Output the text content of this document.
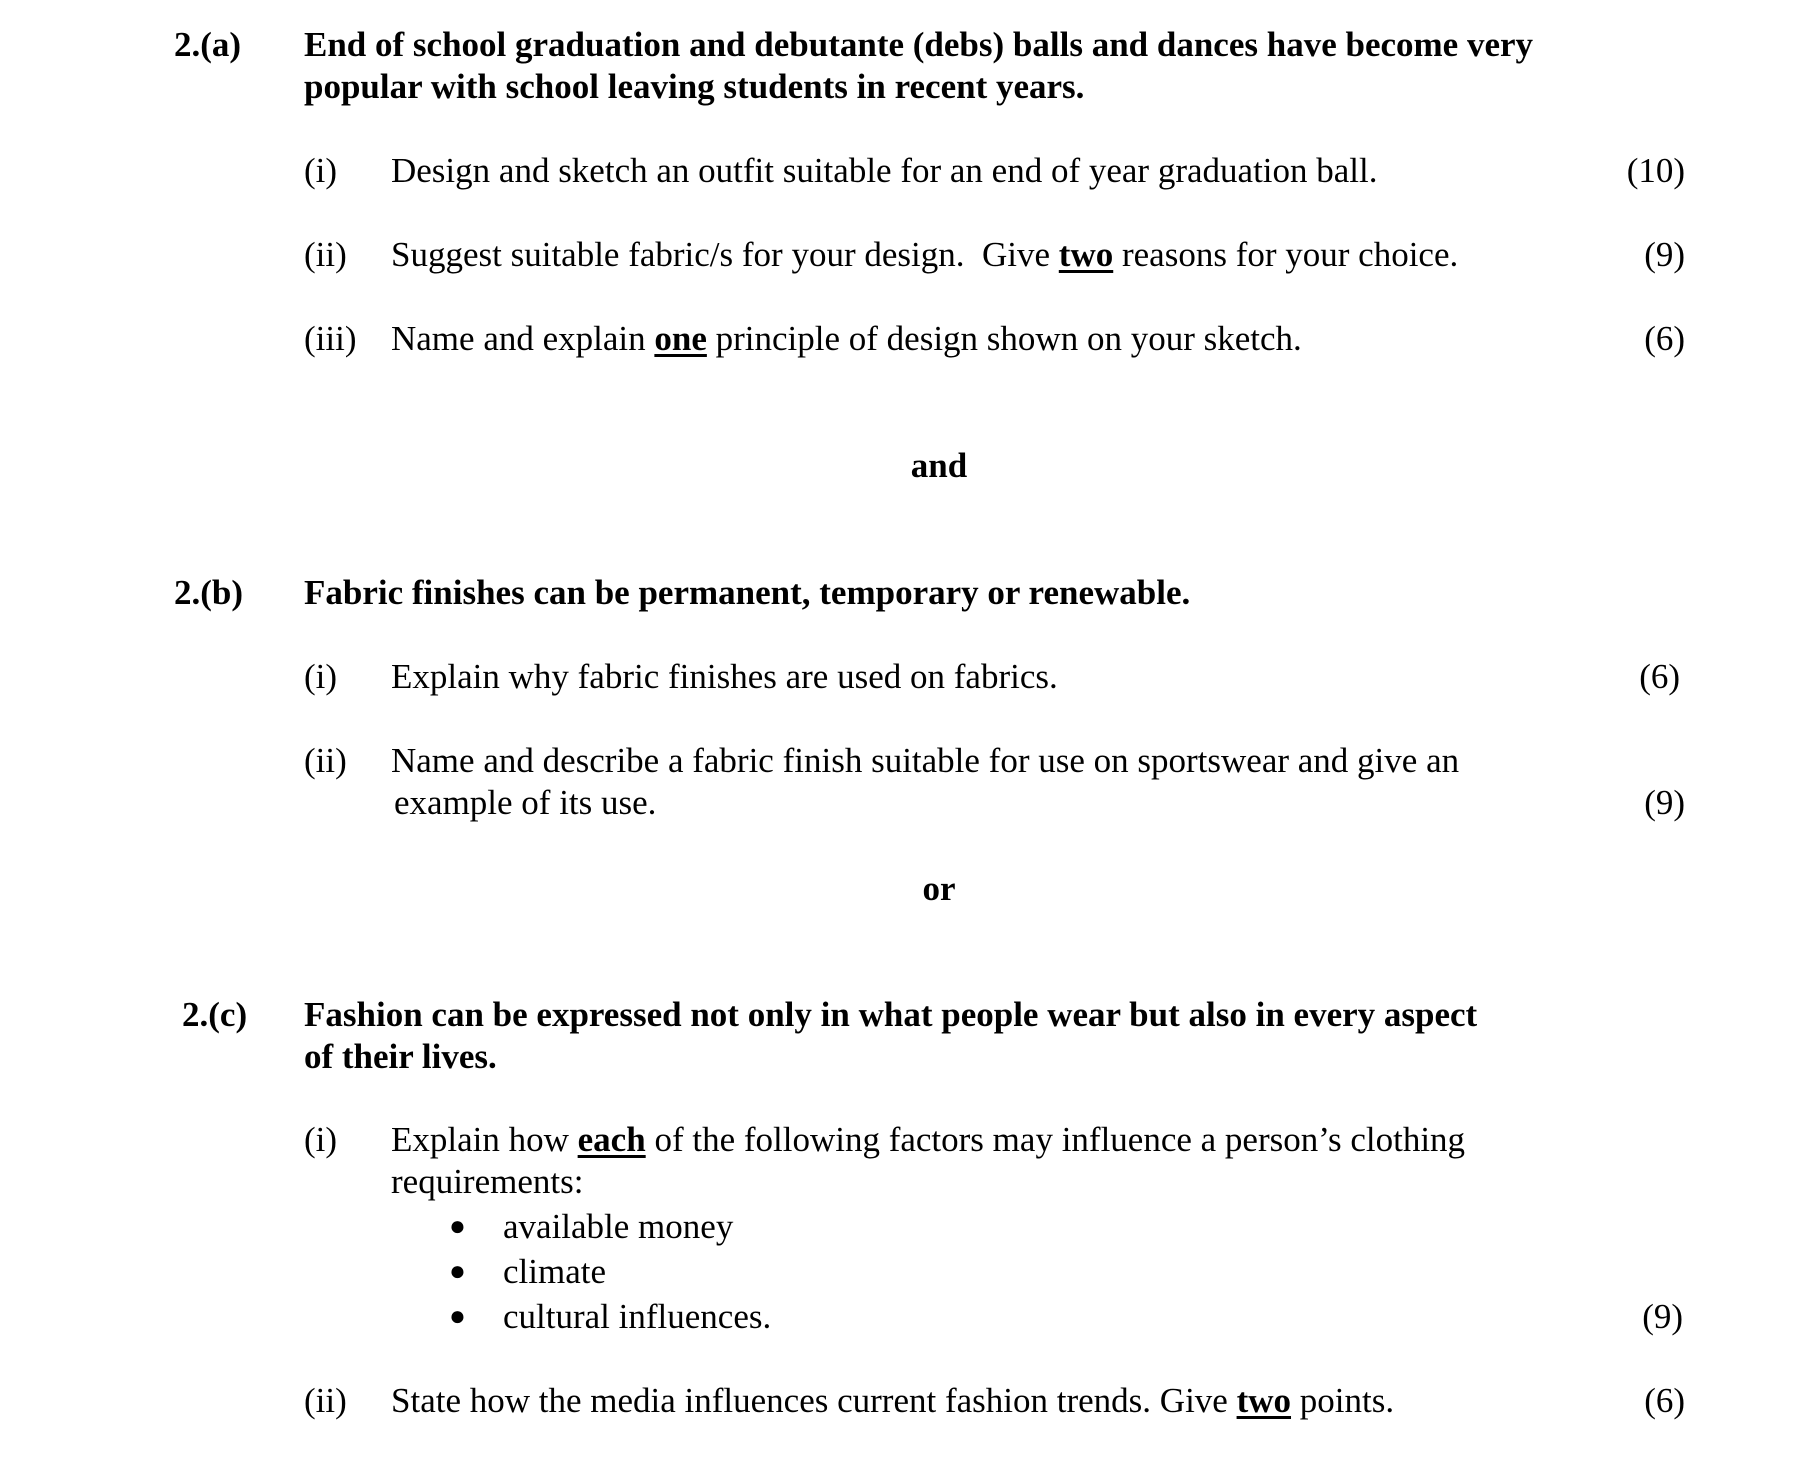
2.(a) End of school graduation and debutante (debs) balls and dances have become very
popular with school leaving students in recent years.
(i) Design and sketch an outfit suitable for an end of year graduation ball.	(10)
(ii) Suggest suitable fabric/s for your design.  Give two reasons for your choice.	(9)
(iii) Name and explain one principle of design shown on your sketch.	(6)
and
2.(b) Fabric finishes can be permanent, temporary or renewable.
(i) Explain why fabric finishes are used on fabrics.	(6)
(ii) Name and describe a fabric finish suitable for use on sportswear and give an
example of its use.	(9)
or
2.(c) Fashion can be expressed not only in what people wear but also in every aspect
of their lives.
(i) Explain how each of the following factors may influence a person’s clothing
requirements:
● available money
● climate
● cultural influences.	(9)
(ii) State how the media influences current fashion trends. Give two points.	(6)
